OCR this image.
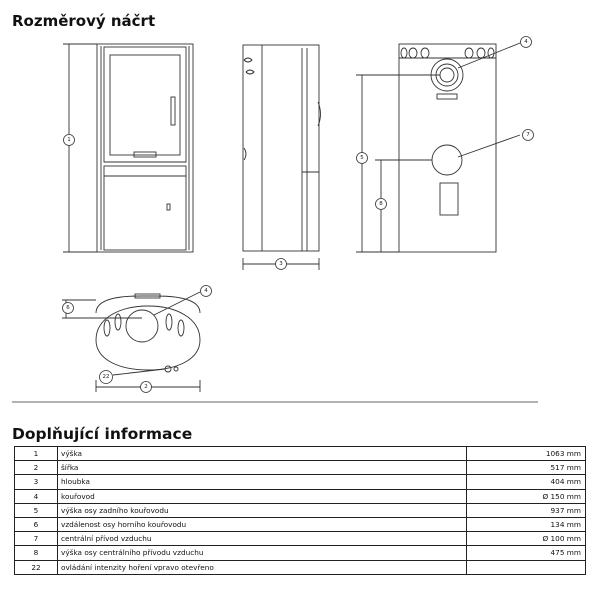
Rozměrový náčrt
1
3
4
7
5
8
6
4
22
2
Doplňující informace
1	výška	1063 mm
2	šířka	517 mm
3	hloubka	404 mm
4	kouřovod	Ø 150 mm
5	výška osy zadního kouřovodu	937 mm
6	vzdálenost osy horního kouřovodu	134 mm
7	centrální přívod vzduchu	Ø 100 mm
8	výška osy centrálního přívodu vzduchu	475 mm
22	ovládání intenzity hoření vpravo otevřeno	
